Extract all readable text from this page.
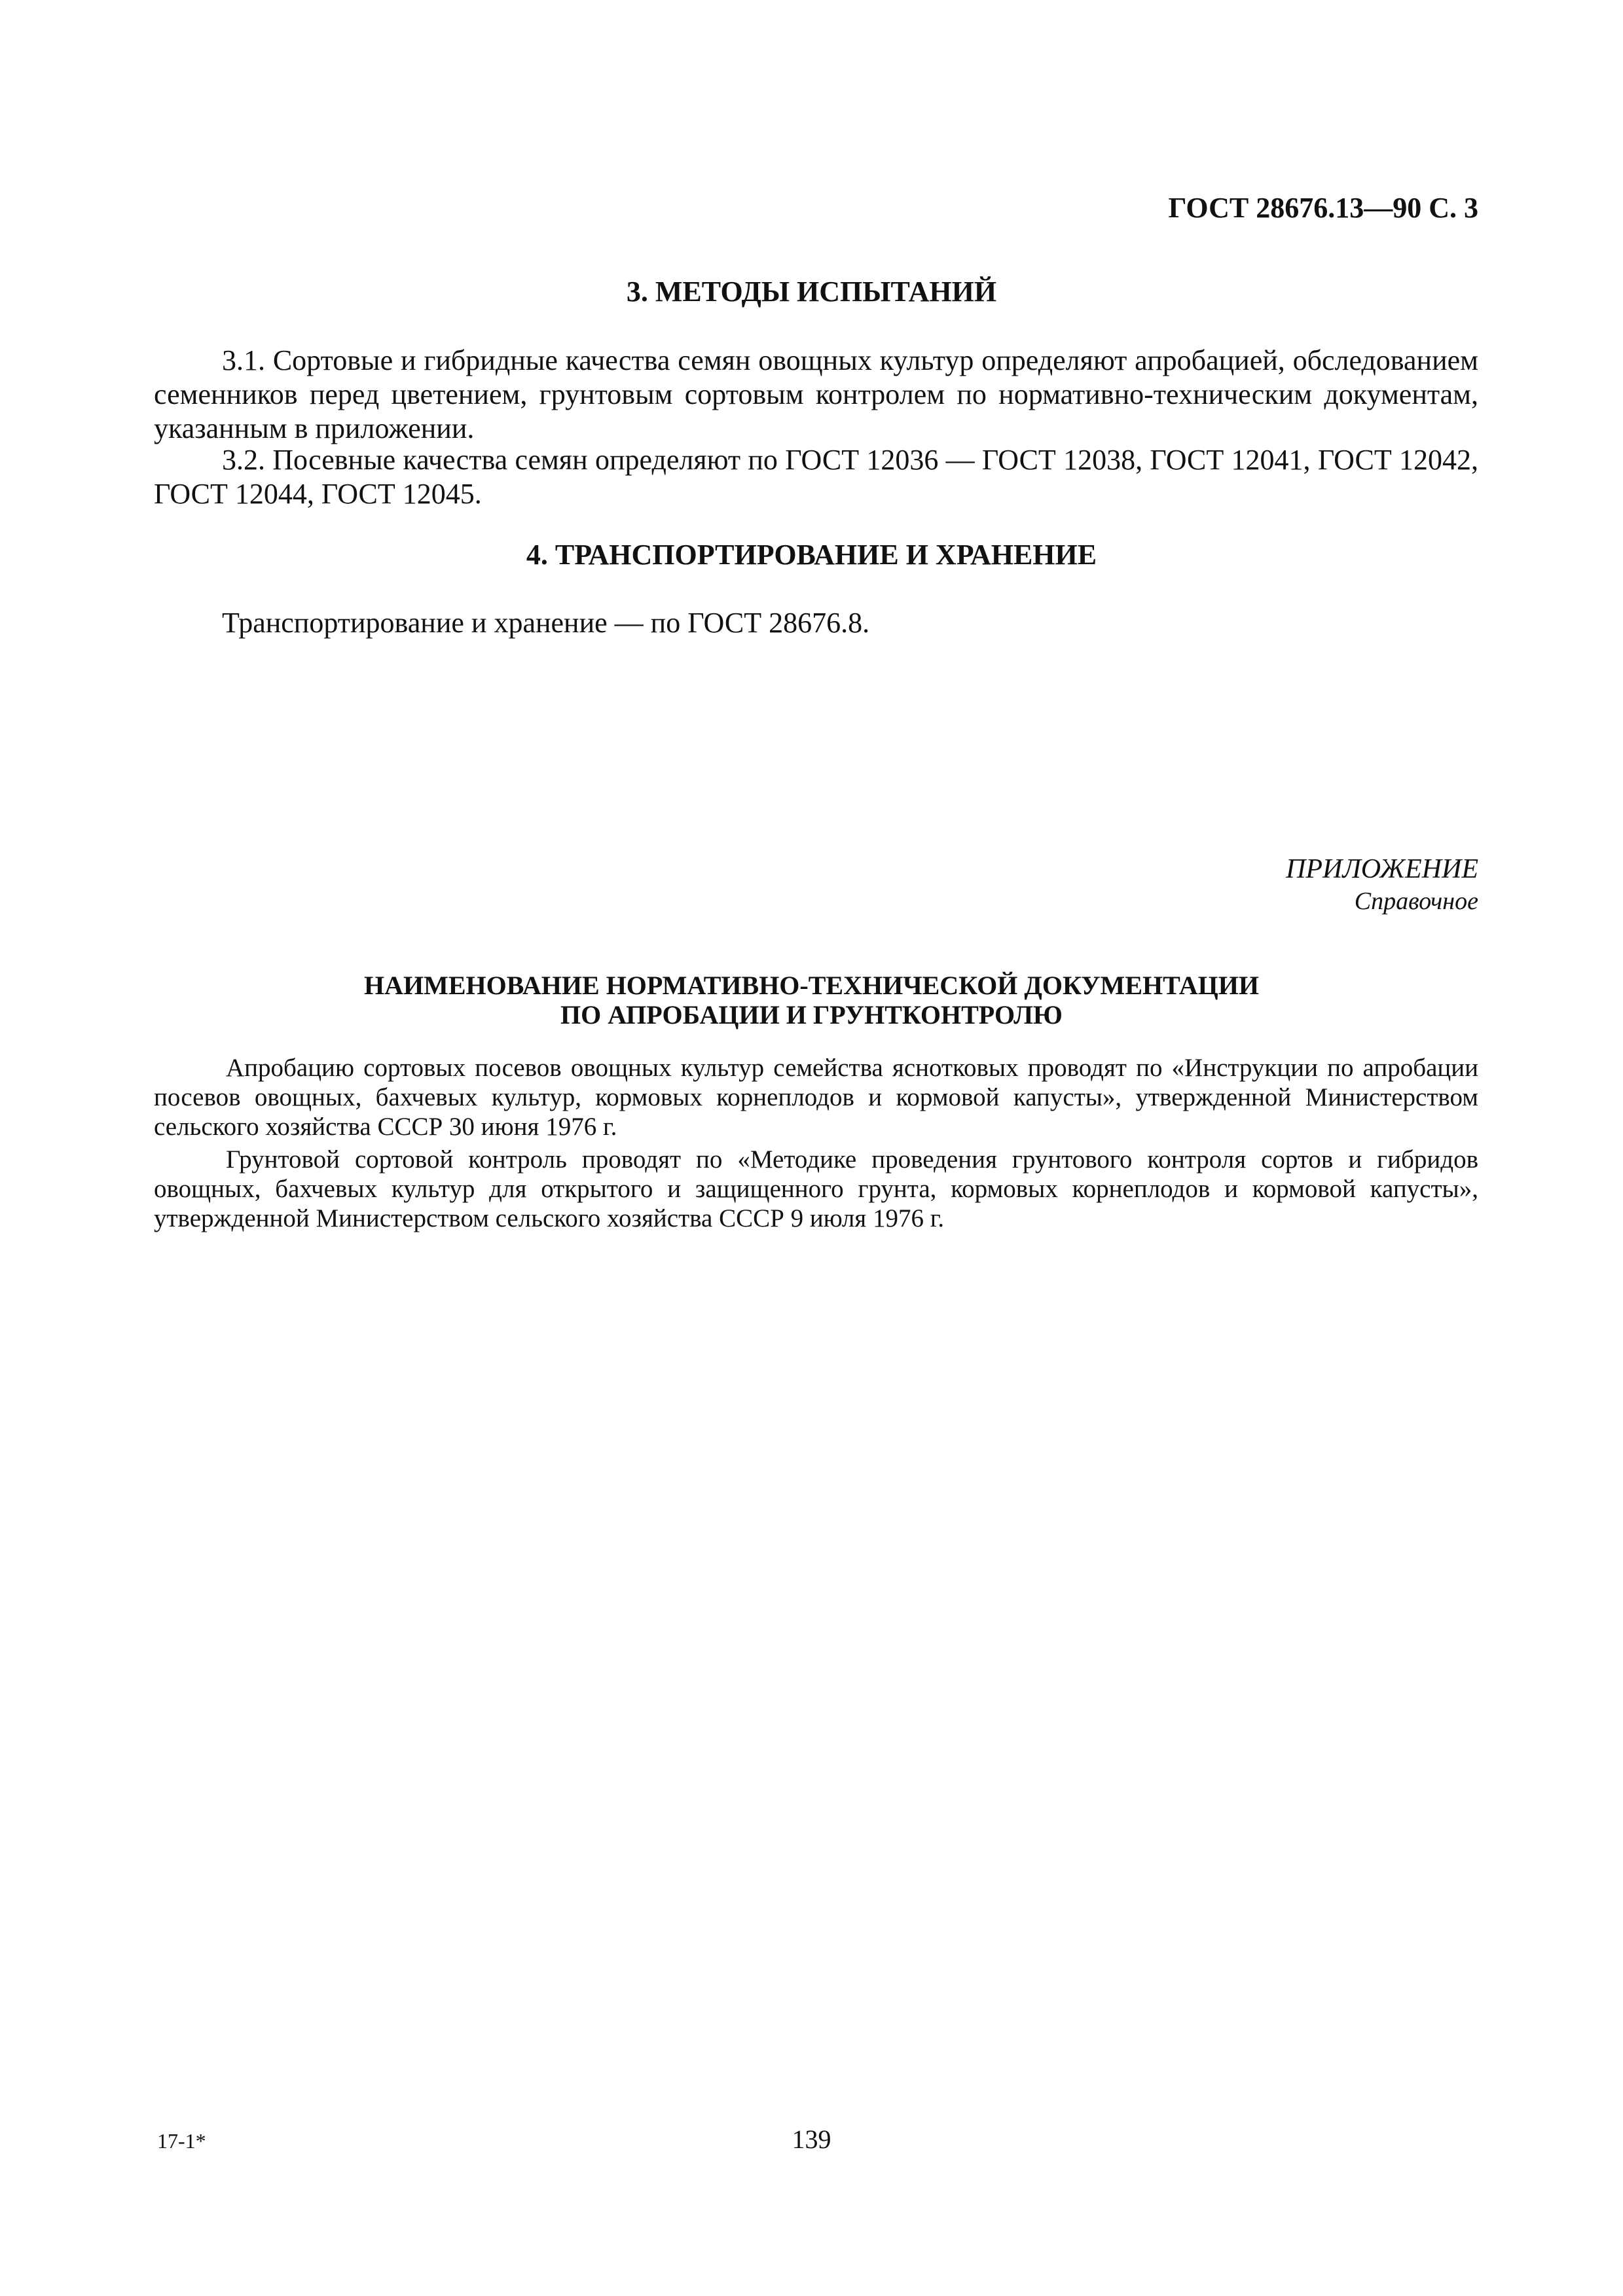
ГОСТ 28676.13—90 С. 3
3. МЕТОДЫ ИСПЫТАНИЙ
3.1. Сортовые и гибридные качества семян овощных культур определяют апробацией, обследованием семенников перед цветением, грунтовым сортовым контролем по нормативно-техническим документам, указанным в приложении.
3.2. Посевные качества семян определяют по ГОСТ 12036 — ГОСТ 12038, ГОСТ 12041, ГОСТ 12042, ГОСТ 12044, ГОСТ 12045.
4. ТРАНСПОРТИРОВАНИЕ И ХРАНЕНИЕ
Транспортирование и хранение — по ГОСТ 28676.8.
ПРИЛОЖЕНИЕ
Справочное
НАИМЕНОВАНИЕ НОРМАТИВНО-ТЕХНИЧЕСКОЙ ДОКУМЕНТАЦИИ
ПО АПРОБАЦИИ И ГРУНТКОНТРОЛЮ
Апробацию сортовых посевов овощных культур семейства яснотковых проводят по «Инструкции по апробации посевов овощных, бахчевых культур, кормовых корнеплодов и кормовой капусты», утвержденной Министерством сельского хозяйства СССР 30 июня 1976 г.
Грунтовой сортовой контроль проводят по «Методике проведения грунтового контроля сортов и гибридов овощных, бахчевых культур для открытого и защищенного грунта, кормовых корнеплодов и кормовой капусты», утвержденной Министерством сельского хозяйства СССР 9 июля 1976 г.
17-1*	139
